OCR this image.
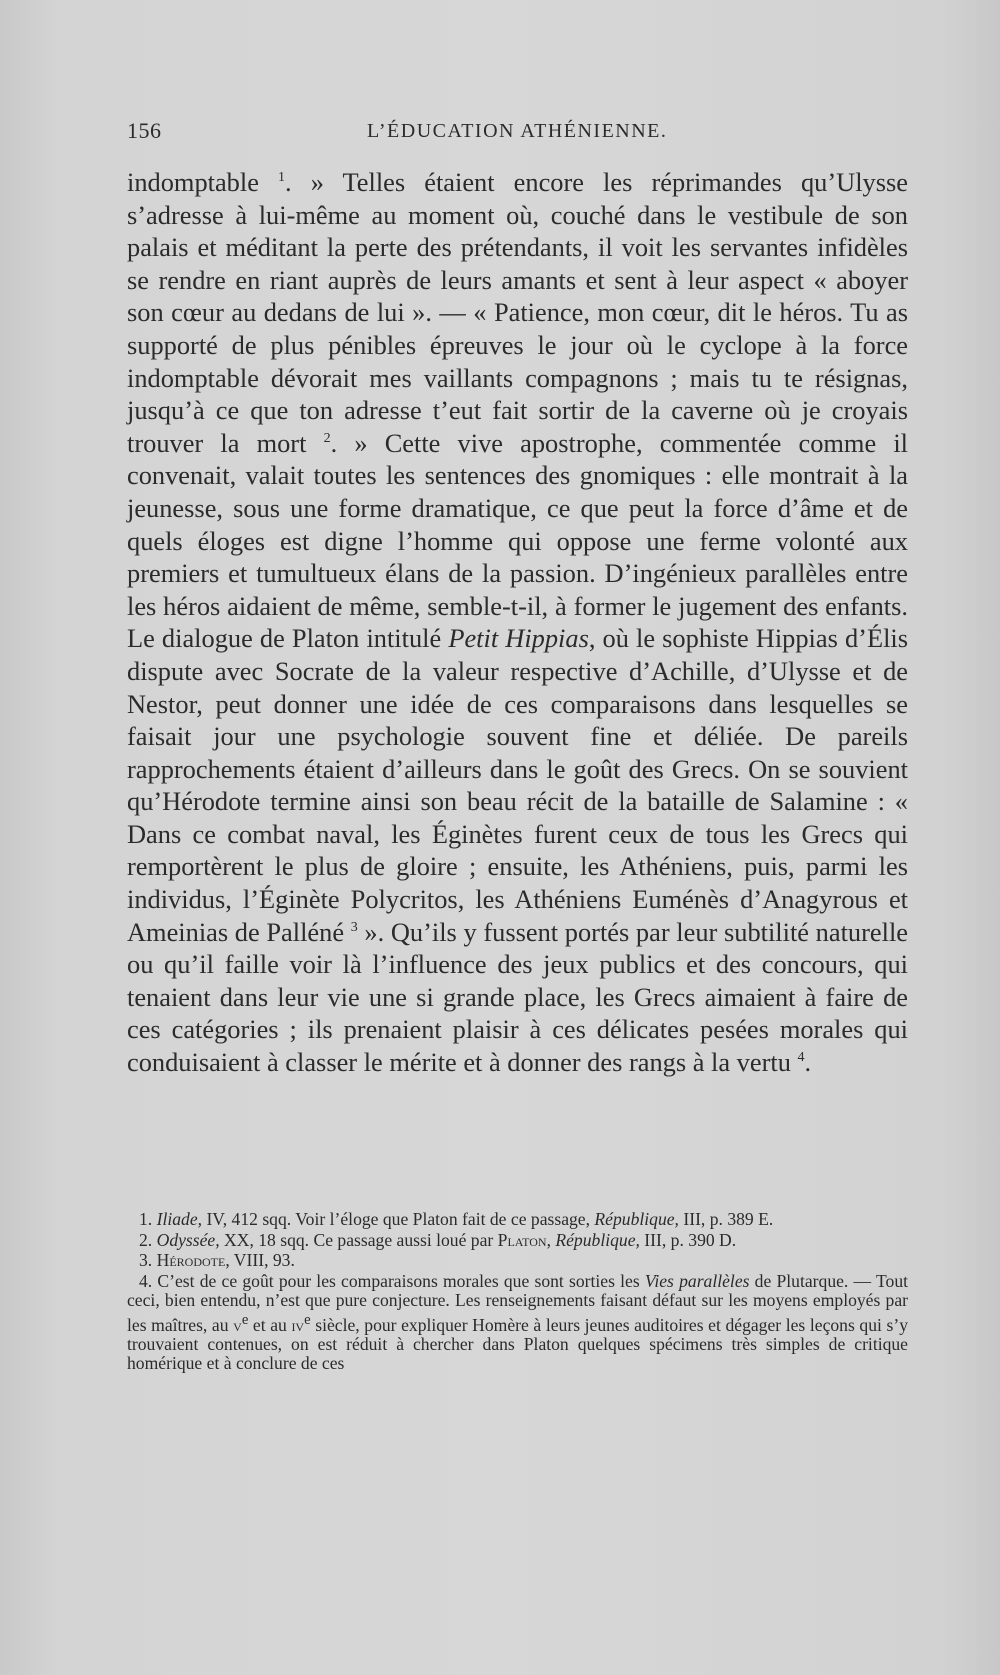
156	L’ÉDUCATION ATHÉNIENNE.

indomptable $^1$. » Telles étaient encore les réprimandes qu’Ulysse s’adresse à lui-même au moment où, couché dans le vestibule de son palais et méditant la perte des prétendants, il voit les servantes infidèles se rendre en riant auprès de leurs amants et sent à leur aspect « aboyer son cœur au dedans de lui ». — « Patience, mon cœur, dit le héros. Tu as supporté de plus pénibles épreuves le jour où le cyclope à la force indomptable dévorait mes vaillants compagnons ; mais tu te résignas, jusqu’à ce que ton adresse t’eut fait sortir de la caverne où je croyais trouver la mort $^2$. » Cette vive apostrophe, commentée comme il convenait, valait toutes les sentences des gnomiques : elle montrait à la jeunesse, sous une forme dramatique, ce que peut la force d’âme et de quels éloges est digne l’homme qui oppose une ferme volonté aux premiers et tumultueux élans de la passion. D’ingénieux parallèles entre les héros aidaient de même, semble-t-il, à former le jugement des enfants. Le dialogue de Platon intitulé Petit Hippias, où le sophiste Hippias d’Élis dispute avec Socrate de la valeur respective d’Achille, d’Ulysse et de Nestor, peut donner une idée de ces comparaisons dans lesquelles se faisait jour une psychologie souvent fine et déliée. De pareils rapprochements étaient d’ailleurs dans le goût des Grecs. On se souvient qu’Hérodote termine ainsi son beau récit de la bataille de Salamine : « Dans ce combat naval, les Éginètes furent ceux de tous les Grecs qui remportèrent le plus de gloire ; ensuite, les Athéniens, puis, parmi les individus, l’Éginète Polycritos, les Athéniens Euménès d’Anagyrous et Ameinias de Palléné $^3$ ». Qu’ils y fussent portés par leur subtilité naturelle ou qu’il faille voir là l’influence des jeux publics et des concours, qui tenaient dans leur vie une si grande place, les Grecs aimaient à faire de ces catégories ; ils prenaient plaisir à ces délicates pesées morales qui conduisaient à classer le mérite et à donner des rangs à la vertu $^4$.

1. Iliade, IV, 412 sqq. Voir l’éloge que Platon fait de ce passage, République, III, p. 389 E.

2. Odyssée, XX, 18 sqq. Ce passage aussi loué par Platon, République, III, p. 390 D.

3. Hérodote, VIII, 93.

4. C’est de ce goût pour les comparaisons morales que sont sorties les Vies parallèles de Plutarque. — Tout ceci, bien entendu, n’est que pure conjecture. Les renseignements faisant défaut sur les moyens employés par les maîtres, au $v^e$ et au $iv^e$ siècle, pour expliquer Homère à leurs jeunes auditoires et dégager les leçons qui s’y trouvaient contenues, on est réduit à chercher dans Platon quelques spécimens très simples de critique homérique et à conclure de ces
